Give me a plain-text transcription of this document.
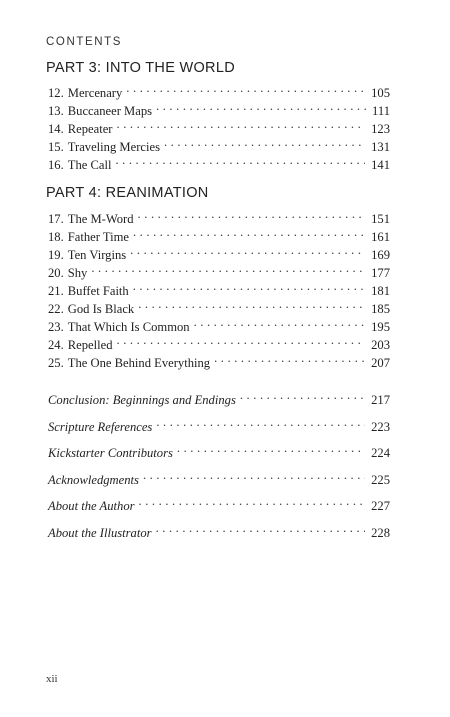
CONTENTS
PART 3: INTO THE WORLD
12. Mercenary . . .	105
13. Buccaneer Maps . . .	111
14. Repeater . . .	123
15. Traveling Mercies . . .	131
16. The Call . . .	141
PART 4: REANIMATION
17. The M-Word . . .	151
18. Father Time . . .	161
19. Ten Virgins . . .	169
20. Shy . . .	177
21. Buffet Faith . . .	181
22. God Is Black . . .	185
23. That Which Is Common . . .	195
24. Repelled . . .	203
25. The One Behind Everything . . .	207
Conclusion: Beginnings and Endings . . .	217
Scripture References . . .	223
Kickstarter Contributors . . .	224
Acknowledgments . . .	225
About the Author . . .	227
About the Illustrator . . .	228
xii
